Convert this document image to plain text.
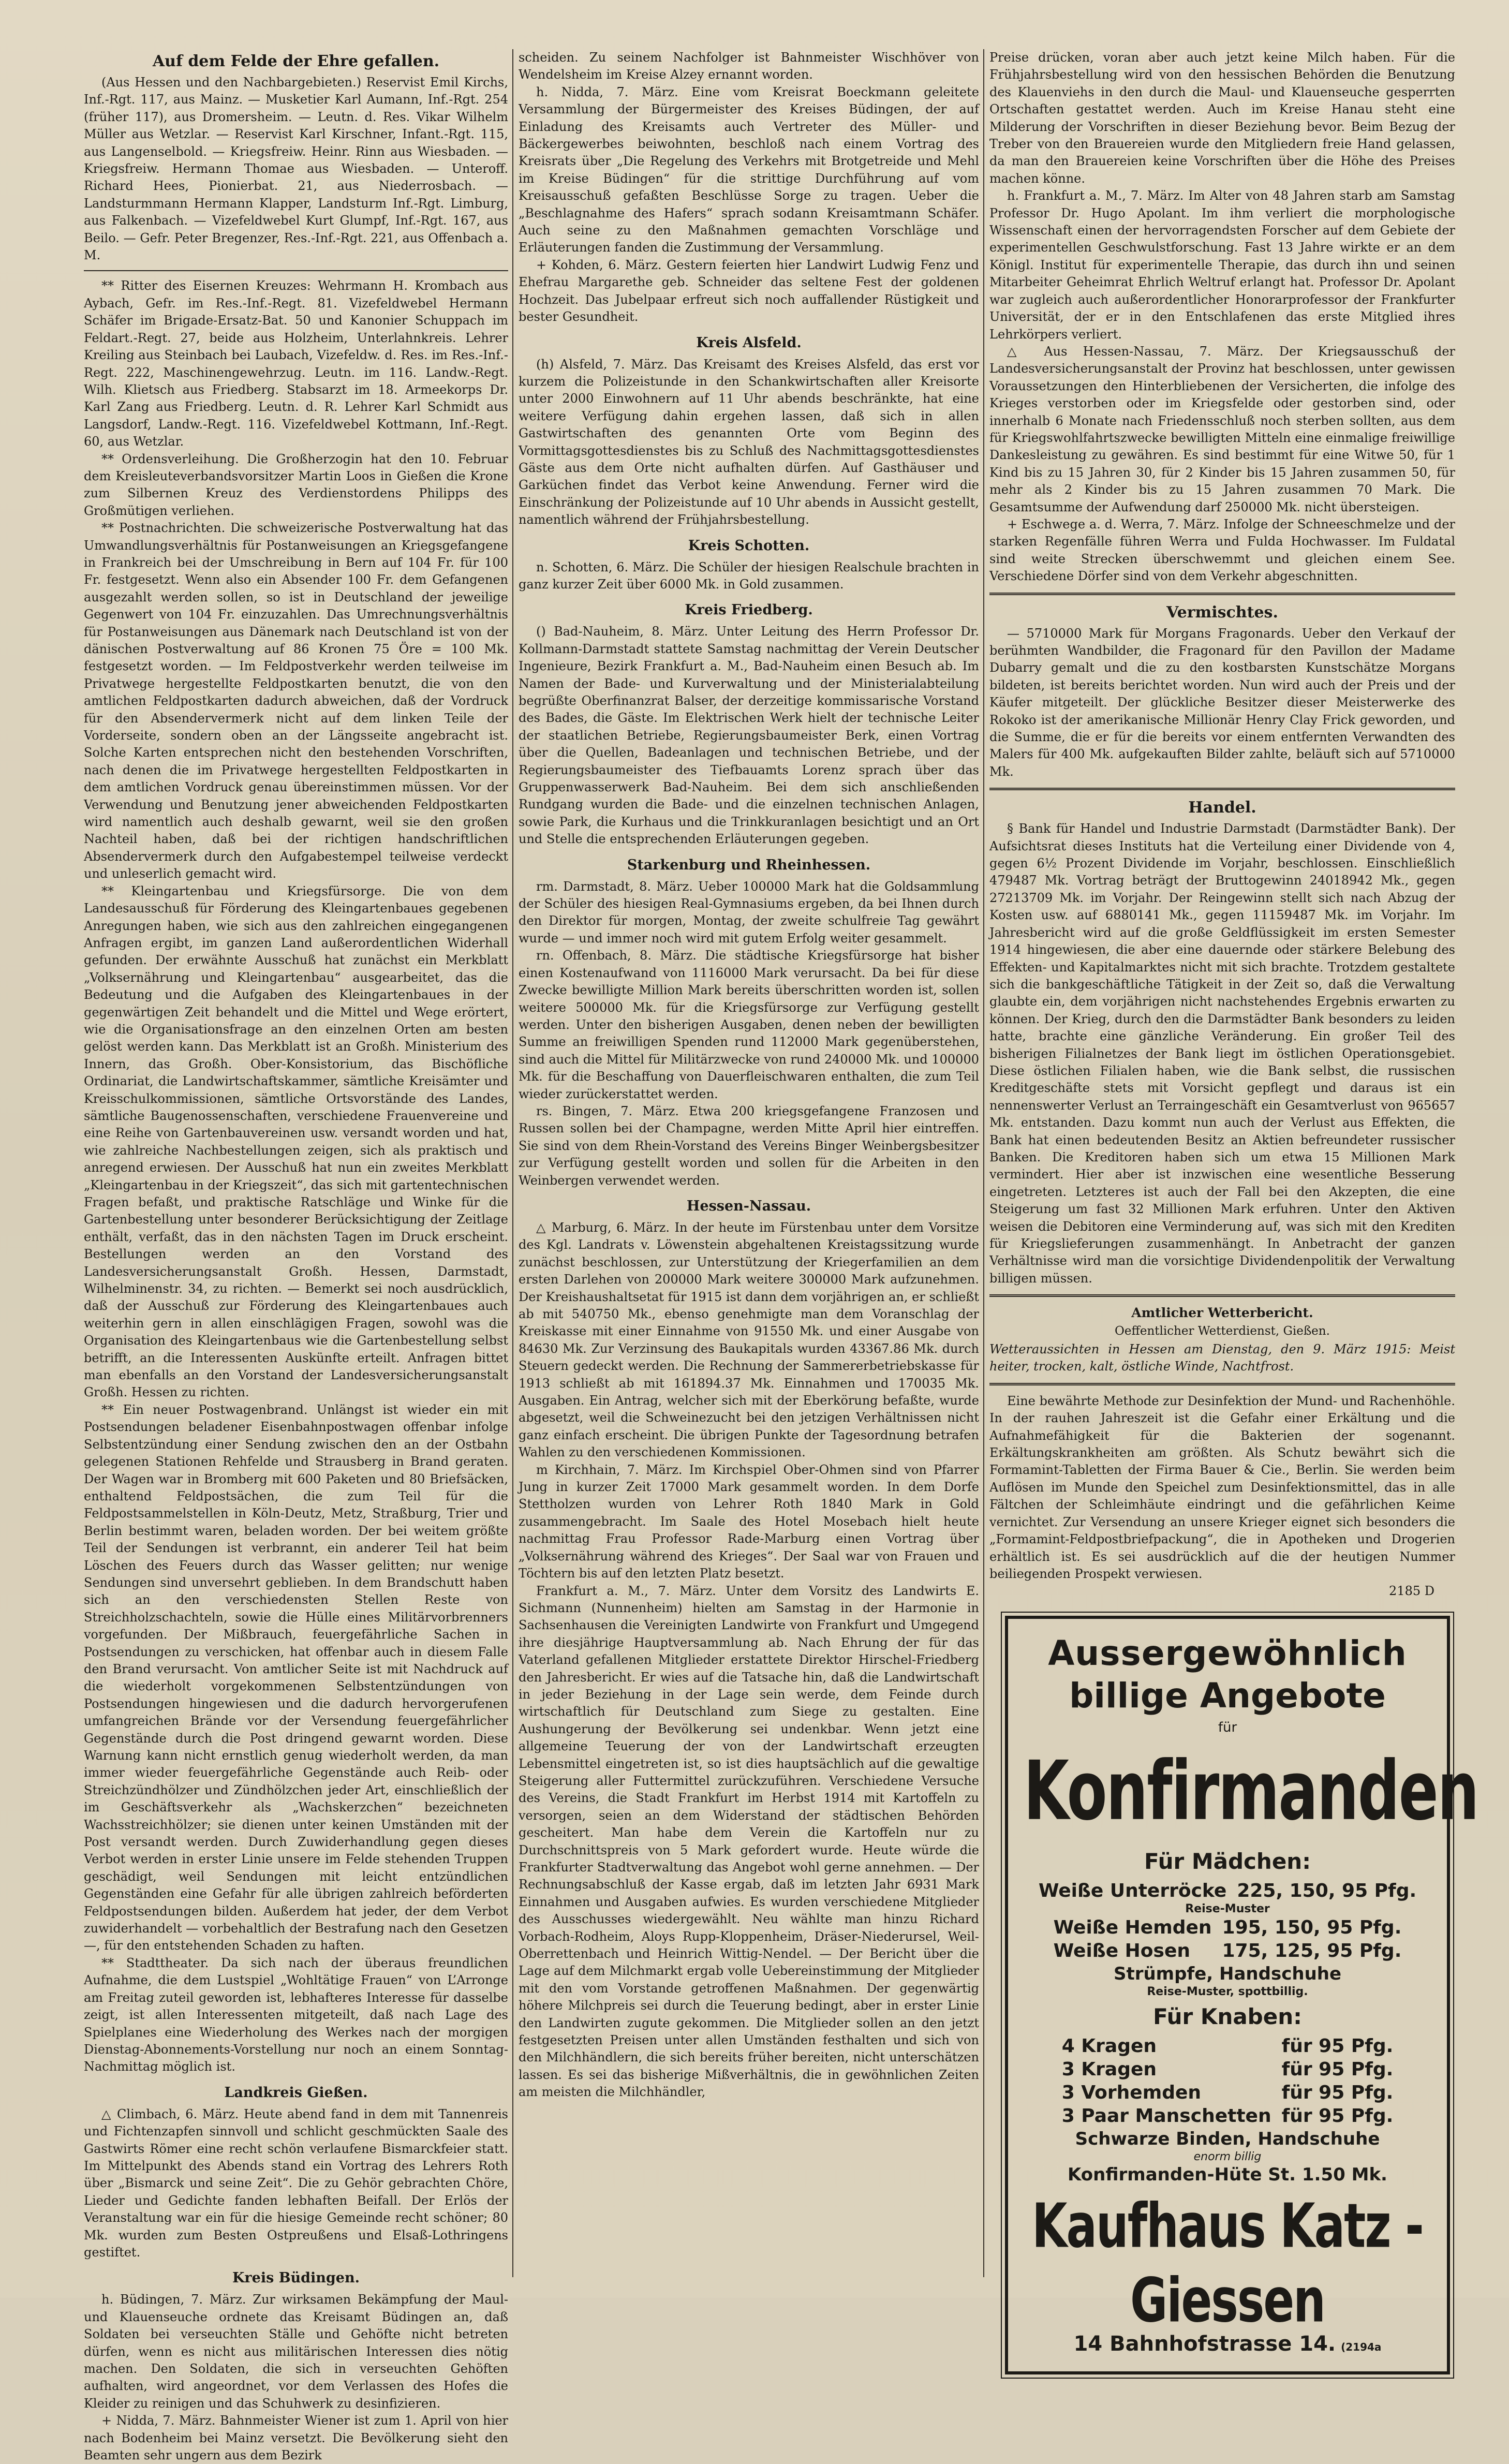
Auf dem Felde der Ehre gefallen.

(Aus Hessen und den Nachbargebieten.) Reservist Emil Kirchs, Inf.-Rgt. 117, aus Mainz. — Musketier Karl Aumann, Inf.-Rgt. 254 (früher 117), aus Dromersheim. — Leutn. d. Res. Vikar Wilhelm Müller aus Wetzlar. — Reservist Karl Kirschner, Infant.-Rgt. 115, aus Langenselbold. — Kriegsfreiw. Heinr. Rinn aus Wiesbaden. — Kriegsfreiw. Hermann Thomae aus Wiesbaden. — Unteroff. Richard Hees, Pionierbat. 21, aus Niederrosbach. — Landsturmmann Hermann Klapper, Landsturm Inf.-Rgt. Limburg, aus Falkenbach. — Vizefeldwebel Kurt Glumpf, Inf.-Rgt. 167, aus Beilo. — Gefr. Peter Bregenzer, Res.-Inf.-Rgt. 221, aus Offenbach a. M.

** Ritter des Eisernen Kreuzes: Wehrmann H. Krombach aus Aybach, Gefr. im Res.-Inf.-Regt. 81. Vizefeldwebel Hermann Schäfer im Brigade-Ersatz-Bat. 50 und Kanonier Schuppach im Feldart.-Regt. 27, beide aus Holzheim, Unterlahnkreis. Lehrer Kreiling aus Steinbach bei Laubach, Vizefeldw. d. Res. im Res.-Inf.-Regt. 222, Maschinengewehrzug. Leutn. im 116. Landw.-Regt. Wilh. Klietsch aus Friedberg. Stabsarzt im 18. Armeekorps Dr. Karl Zang aus Friedberg. Leutn. d. R. Lehrer Karl Schmidt aus Langsdorf, Landw.-Regt. 116. Vizefeldwebel Kottmann, Inf.-Regt. 60, aus Wetzlar.

** Ordensverleihung. Die Großherzogin hat den 10. Februar dem Kreisleuteverbandsvorsitzer Martin Loos in Gießen die Krone zum Silbernen Kreuz des Verdienstordens Philipps des Großmütigen verliehen.

** Postnachrichten. Die schweizerische Postverwaltung hat das Umwandlungsverhältnis für Postanweisungen an Kriegsgefangene in Frankreich bei der Umschreibung in Bern auf 104 Fr. für 100 Fr. festgesetzt. Wenn also ein Absender 100 Fr. dem Gefangenen ausgezahlt werden sollen, so ist in Deutschland der jeweilige Gegenwert von 104 Fr. einzuzahlen. Das Umrechnungsverhältnis für Postanweisungen aus Dänemark nach Deutschland ist von der dänischen Postverwaltung auf 86 Kronen 75 Öre = 100 Mk. festgesetzt worden. — Im Feldpostverkehr werden teilweise im Privatwege hergestellte Feldpostkarten benutzt, die von den amtlichen Feldpostkarten dadurch abweichen, daß der Vordruck für den Absendervermerk nicht auf dem linken Teile der Vorderseite, sondern oben an der Längsseite angebracht ist. Solche Karten entsprechen nicht den bestehenden Vorschriften, nach denen die im Privatwege hergestellten Feldpostkarten in dem amtlichen Vordruck genau übereinstimmen müssen. Vor der Verwendung und Benutzung jener abweichenden Feldpostkarten wird namentlich auch deshalb gewarnt, weil sie den großen Nachteil haben, daß bei der richtigen handschriftlichen Absendervermerk durch den Aufgabestempel teilweise verdeckt und unleserlich gemacht wird.

** Kleingartenbau und Kriegsfürsorge. Die von dem Landesausschuß für Förderung des Kleingartenbaues gegebenen Anregungen haben, wie sich aus den zahlreichen eingegangenen Anfragen ergibt, im ganzen Land außerordentlichen Widerhall gefunden. Der erwähnte Ausschuß hat zunächst ein Merkblatt „Volksernährung und Kleingartenbau“ ausgearbeitet, das die Bedeutung und die Aufgaben des Kleingartenbaues in der gegenwärtigen Zeit behandelt und die Mittel und Wege erörtert, wie die Organisationsfrage an den einzelnen Orten am besten gelöst werden kann. Das Merkblatt ist an Großh. Ministerium des Innern, das Großh. Ober-Konsistorium, das Bischöfliche Ordinariat, die Landwirtschaftskammer, sämtliche Kreisämter und Kreisschulkommissionen, sämtliche Ortsvorstände des Landes, sämtliche Baugenossenschaften, verschiedene Frauenvereine und eine Reihe von Gartenbauvereinen usw. versandt worden und hat, wie zahlreiche Nachbestellungen zeigen, sich als praktisch und anregend erwiesen. Der Ausschuß hat nun ein zweites Merkblatt „Kleingartenbau in der Kriegszeit“, das sich mit gartentechnischen Fragen befaßt, und praktische Ratschläge und Winke für die Gartenbestellung unter besonderer Berücksichtigung der Zeitlage enthält, verfaßt, das in den nächsten Tagen im Druck erscheint. Bestellungen werden an den Vorstand des Landesversicherungsanstalt Großh. Hessen, Darmstadt, Wilhelminenstr. 34, zu richten. — Bemerkt sei noch ausdrücklich, daß der Ausschuß zur Förderung des Kleingartenbaues auch weiterhin gern in allen einschlägigen Fragen, sowohl was die Organisation des Kleingartenbaus wie die Gartenbestellung selbst betrifft, an die Interessenten Auskünfte erteilt. Anfragen bittet man ebenfalls an den Vorstand der Landesversicherungsanstalt Großh. Hessen zu richten.

** Ein neuer Postwagenbrand. Unlängst ist wieder ein mit Postsendungen beladener Eisenbahnpostwagen offenbar infolge Selbstentzündung einer Sendung zwischen den an der Ostbahn gelegenen Stationen Rehfelde und Strausberg in Brand geraten. Der Wagen war in Bromberg mit 600 Paketen und 80 Briefsäcken, enthaltend Feldpostsächen, die zum Teil für die Feldpostsammelstellen in Köln-Deutz, Metz, Straßburg, Trier und Berlin bestimmt waren, beladen worden. Der bei weitem größte Teil der Sendungen ist verbrannt, ein anderer Teil hat beim Löschen des Feuers durch das Wasser gelitten; nur wenige Sendungen sind unversehrt geblieben. In dem Brandschutt haben sich an den verschiedensten Stellen Reste von Streichholzschachteln, sowie die Hülle eines Militärvorbrenners vorgefunden. Der Mißbrauch, feuergefährliche Sachen in Postsendungen zu verschicken, hat offenbar auch in diesem Falle den Brand verursacht. Von amtlicher Seite ist mit Nachdruck auf die wiederholt vorgekommenen Selbstentzündungen von Postsendungen hingewiesen und die dadurch hervorgerufenen umfangreichen Brände vor der Versendung feuergefährlicher Gegenstände durch die Post dringend gewarnt worden. Diese Warnung kann nicht ernstlich genug wiederholt werden, da man immer wieder feuergefährliche Gegenstände auch Reib- oder Streichzündhölzer und Zündhölzchen jeder Art, einschließlich der im Geschäftsverkehr als „Wachskerzchen“ bezeichneten Wachsstreichhölzer; sie dienen unter keinen Umständen mit der Post versandt werden. Durch Zuwiderhandlung gegen dieses Verbot werden in erster Linie unsere im Felde stehenden Truppen geschädigt, weil Sendungen mit leicht entzündlichen Gegenständen eine Gefahr für alle übrigen zahlreich beförderten Feldpostsendungen bilden. Außerdem hat jeder, der dem Verbot zuwiderhandelt — vorbehaltlich der Bestrafung nach den Gesetzen —, für den entstehenden Schaden zu haften.

** Stadttheater. Da sich nach der überaus freundlichen Aufnahme, die dem Lustspiel „Wohltätige Frauen“ von L’Arronge am Freitag zuteil geworden ist, lebhafteres Interesse für dasselbe zeigt, ist allen Interessenten mitgeteilt, daß nach Lage des Spielplanes eine Wiederholung des Werkes nach der morgigen Dienstag-Abonnements-Vorstellung nur noch an einem Sonntag-Nachmittag möglich ist.

Landkreis Gießen.

△ Climbach, 6. März. Heute abend fand in dem mit Tannenreis und Fichtenzapfen sinnvoll und schlicht geschmückten Saale des Gastwirts Römer eine recht schön verlaufene Bismarckfeier statt. Im Mittelpunkt des Abends stand ein Vortrag des Lehrers Roth über „Bismarck und seine Zeit“. Die zu Gehör gebrachten Chöre, Lieder und Gedichte fanden lebhaften Beifall. Der Erlös der Veranstaltung war ein für die hiesige Gemeinde recht schöner; 80 Mk. wurden zum Besten Ostpreußens und Elsaß-Lothringens gestiftet.

Kreis Büdingen.

h. Büdingen, 7. März. Zur wirksamen Bekämpfung der Maul- und Klauenseuche ordnete das Kreisamt Büdingen an, daß Soldaten bei verseuchten Ställe und Gehöfte nicht betreten dürfen, wenn es nicht aus militärischen Interessen dies nötig machen. Den Soldaten, die sich in verseuchten Gehöften aufhalten, wird angeordnet, vor dem Verlassen des Hofes die Kleider zu reinigen und das Schuhwerk zu desinfizieren.

+ Nidda, 7. März. Bahnmeister Wiener ist zum 1. April von hier nach Bodenheim bei Mainz versetzt. Die Bevölkerung sieht den Beamten sehr ungern aus dem Bezirk

scheiden. Zu seinem Nachfolger ist Bahnmeister Wischhöver von Wendelsheim im Kreise Alzey ernannt worden.

h. Nidda, 7. März. Eine vom Kreisrat Boeckmann geleitete Versammlung der Bürgermeister des Kreises Büdingen, der auf Einladung des Kreisamts auch Vertreter des Müller- und Bäckergewerbes beiwohnten, beschloß nach einem Vortrag des Kreisrats über „Die Regelung des Verkehrs mit Brotgetreide und Mehl im Kreise Büdingen“ für die strittige Durchführung auf vom Kreisausschuß gefaßten Beschlüsse Sorge zu tragen. Ueber die „Beschlagnahme des Hafers“ sprach sodann Kreisamtmann Schäfer. Auch seine zu den Maßnahmen gemachten Vorschläge und Erläuterungen fanden die Zustimmung der Versammlung.

+ Kohden, 6. März. Gestern feierten hier Landwirt Ludwig Fenz und Ehefrau Margarethe geb. Schneider das seltene Fest der goldenen Hochzeit. Das Jubelpaar erfreut sich noch auffallender Rüstigkeit und bester Gesundheit.

Kreis Alsfeld.

(h) Alsfeld, 7. März. Das Kreisamt des Kreises Alsfeld, das erst vor kurzem die Polizeistunde in den Schankwirtschaften aller Kreisorte unter 2000 Einwohnern auf 11 Uhr abends beschränkte, hat eine weitere Verfügung dahin ergehen lassen, daß sich in allen Gastwirtschaften des genannten Orte vom Beginn des Vormittagsgottesdienstes bis zu Schluß des Nachmittagsgottesdienstes Gäste aus dem Orte nicht aufhalten dürfen. Auf Gasthäuser und Garküchen findet das Verbot keine Anwendung. Ferner wird die Einschränkung der Polizeistunde auf 10 Uhr abends in Aussicht gestellt, namentlich während der Frühjahrsbestellung.

Kreis Schotten.

n. Schotten, 6. März. Die Schüler der hiesigen Realschule brachten in ganz kurzer Zeit über 6000 Mk. in Gold zusammen.

Kreis Friedberg.

() Bad-Nauheim, 8. März. Unter Leitung des Herrn Professor Dr. Kollmann-Darmstadt stattete Samstag nachmittag der Verein Deutscher Ingenieure, Bezirk Frankfurt a. M., Bad-Nauheim einen Besuch ab. Im Namen der Bade- und Kurverwaltung und der Ministerialabteilung begrüßte Oberfinanzrat Balser, der derzeitige kommissarische Vorstand des Bades, die Gäste. Im Elektrischen Werk hielt der technische Leiter der staatlichen Betriebe, Regierungsbaumeister Berk, einen Vortrag über die Quellen, Badeanlagen und technischen Betriebe, und der Regierungsbaumeister des Tiefbauamts Lorenz sprach über das Gruppenwasserwerk Bad-Nauheim. Bei dem sich anschließenden Rundgang wurden die Bade- und die einzelnen technischen Anlagen, sowie Park, die Kurhaus und die Trinkkuranlagen besichtigt und an Ort und Stelle die entsprechenden Erläuterungen gegeben.

Starkenburg und Rheinhessen.

rm. Darmstadt, 8. März. Ueber 100000 Mark hat die Goldsammlung der Schüler des hiesigen Real-Gymnasiums ergeben, da bei Ihnen durch den Direktor für morgen, Montag, der zweite schulfreie Tag gewährt wurde — und immer noch wird mit gutem Erfolg weiter gesammelt.

rn. Offenbach, 8. März. Die städtische Kriegsfürsorge hat bisher einen Kostenaufwand von 1116000 Mark verursacht. Da bei für diese Zwecke bewilligte Million Mark bereits überschritten worden ist, sollen weitere 500000 Mk. für die Kriegsfürsorge zur Verfügung gestellt werden. Unter den bisherigen Ausgaben, denen neben der bewilligten Summe an freiwilligen Spenden rund 112000 Mark gegenüberstehen, sind auch die Mittel für Militärzwecke von rund 240000 Mk. und 100000 Mk. für die Beschaffung von Dauerfleischwaren enthalten, die zum Teil wieder zurückerstattet werden.

rs. Bingen, 7. März. Etwa 200 kriegsgefangene Franzosen und Russen sollen bei der Champagne, werden Mitte April hier eintreffen. Sie sind von dem Rhein-Vorstand des Vereins Binger Weinbergsbesitzer zur Verfügung gestellt worden und sollen für die Arbeiten in den Weinbergen verwendet werden.

Hessen-Nassau.

△ Marburg, 6. März. In der heute im Fürstenbau unter dem Vorsitze des Kgl. Landrats v. Löwenstein abgehaltenen Kreistagssitzung wurde zunächst beschlossen, zur Unterstützung der Kriegerfamilien an dem ersten Darlehen von 200000 Mark weitere 300000 Mark aufzunehmen. Der Kreishaushaltsetat für 1915 ist dann dem vorjährigen an, er schließt ab mit 540750 Mk., ebenso genehmigte man dem Voranschlag der Kreiskasse mit einer Einnahme von 91550 Mk. und einer Ausgabe von 84630 Mk. Zur Verzinsung des Baukapitals wurden 43367.86 Mk. durch Steuern gedeckt werden. Die Rechnung der Sammererbetriebskasse für 1913 schließt ab mit 161894.37 Mk. Einnahmen und 170035 Mk. Ausgaben. Ein Antrag, welcher sich mit der Eberkörung befaßte, wurde abgesetzt, weil die Schweinezucht bei den jetzigen Verhältnissen nicht ganz einfach erscheint. Die übrigen Punkte der Tagesordnung betrafen Wahlen zu den verschiedenen Kommissionen.

m Kirchhain, 7. März. Im Kirchspiel Ober-Ohmen sind von Pfarrer Jung in kurzer Zeit 17000 Mark gesammelt worden. In dem Dorfe Stettholzen wurden von Lehrer Roth 1840 Mark in Gold zusammengebracht. Im Saale des Hotel Mosebach hielt heute nachmittag Frau Professor Rade-Marburg einen Vortrag über „Volksernährung während des Krieges“. Der Saal war von Frauen und Töchtern bis auf den letzten Platz besetzt.

Frankfurt a. M., 7. März. Unter dem Vorsitz des Landwirts E. Sichmann (Nunnenheim) hielten am Samstag in der Harmonie in Sachsenhausen die Vereinigten Landwirte von Frankfurt und Umgegend ihre diesjährige Hauptversammlung ab. Nach Ehrung der für das Vaterland gefallenen Mitglieder erstattete Direktor Hirschel-Friedberg den Jahresbericht. Er wies auf die Tatsache hin, daß die Landwirtschaft in jeder Beziehung in der Lage sein werde, dem Feinde durch wirtschaftlich für Deutschland zum Siege zu gestalten. Eine Aushungerung der Bevölkerung sei undenkbar. Wenn jetzt eine allgemeine Teuerung der von der Landwirtschaft erzeugten Lebensmittel eingetreten ist, so ist dies hauptsächlich auf die gewaltige Steigerung aller Futtermittel zurückzuführen. Verschiedene Versuche des Vereins, die Stadt Frankfurt im Herbst 1914 mit Kartoffeln zu versorgen, seien an dem Widerstand der städtischen Behörden gescheitert. Man habe dem Verein die Kartoffeln nur zu Durchschnittspreis von 5 Mark gefordert wurde. Heute würde die Frankfurter Stadtverwaltung das Angebot wohl gerne annehmen. — Der Rechnungsabschluß der Kasse ergab, daß im letzten Jahr 6931 Mark Einnahmen und Ausgaben aufwies. Es wurden verschiedene Mitglieder des Ausschusses wiedergewählt. Neu wählte man hinzu Richard Vorbach-Rodheim, Aloys Rupp-Kloppenheim, Dräser-Niederursel, Weil-Oberrettenbach und Heinrich Wittig-Nendel. — Der Bericht über die Lage auf dem Milchmarkt ergab volle Uebereinstimmung der Mitglieder mit den vom Vorstande getroffenen Maßnahmen. Der gegenwärtig höhere Milchpreis sei durch die Teuerung bedingt, aber in erster Linie den Landwirten zugute gekommen. Die Mitglieder sollen an den jetzt festgesetzten Preisen unter allen Umständen festhalten und sich von den Milchhändlern, die sich bereits früher bereiten, nicht unterschätzen lassen. Es sei das bisherige Mißverhältnis, die in gewöhnlichen Zeiten am meisten die Milchhändler,

Preise drücken, voran aber auch jetzt keine Milch haben. Für die Frühjahrsbestellung wird von den hessischen Behörden die Benutzung des Klauenviehs in den durch die Maul- und Klauenseuche gesperrten Ortschaften gestattet werden. Auch im Kreise Hanau steht eine Milderung der Vorschriften in dieser Beziehung bevor. Beim Bezug der Treber von den Brauereien wurde den Mitgliedern freie Hand gelassen, da man den Brauereien keine Vorschriften über die Höhe des Preises machen könne.

h. Frankfurt a. M., 7. März. Im Alter von 48 Jahren starb am Samstag Professor Dr. Hugo Apolant. Im ihm verliert die morphologische Wissenschaft einen der hervorragendsten Forscher auf dem Gebiete der experimentellen Geschwulstforschung. Fast 13 Jahre wirkte er an dem Königl. Institut für experimentelle Therapie, das durch ihn und seinen Mitarbeiter Geheimrat Ehrlich Weltruf erlangt hat. Professor Dr. Apolant war zugleich auch außerordentlicher Honorarprofessor der Frankfurter Universität, der er in den Entschlafenen das erste Mitglied ihres Lehrkörpers verliert.

△ Aus Hessen-Nassau, 7. März. Der Kriegsausschuß der Landesversicherungsanstalt der Provinz hat beschlossen, unter gewissen Voraussetzungen den Hinterbliebenen der Versicherten, die infolge des Krieges verstorben oder im Kriegsfelde oder gestorben sind, oder innerhalb 6 Monate nach Friedensschluß noch sterben sollten, aus dem für Kriegswohlfahrtszwecke bewilligten Mitteln eine einmalige freiwillige Dankesleistung zu gewähren. Es sind bestimmt für eine Witwe 50, für 1 Kind bis zu 15 Jahren 30, für 2 Kinder bis 15 Jahren zusammen 50, für mehr als 2 Kinder bis zu 15 Jahren zusammen 70 Mark. Die Gesamtsumme der Aufwendung darf 250000 Mk. nicht übersteigen.

+ Eschwege a. d. Werra, 7. März. Infolge der Schneeschmelze und der starken Regenfälle führen Werra und Fulda Hochwasser. Im Fuldatal sind weite Strecken überschwemmt und gleichen einem See. Verschiedene Dörfer sind von dem Verkehr abgeschnitten.

Vermischtes.

— 5710000 Mark für Morgans Fragonards. Ueber den Verkauf der berühmten Wandbilder, die Fragonard für den Pavillon der Madame Dubarry gemalt und die zu den kostbarsten Kunstschätze Morgans bildeten, ist bereits berichtet worden. Nun wird auch der Preis und der Käufer mitgeteilt. Der glückliche Besitzer dieser Meisterwerke des Rokoko ist der amerikanische Millionär Henry Clay Frick geworden, und die Summe, die er für die bereits vor einem entfernten Verwandten des Malers für 400 Mk. aufgekauften Bilder zahlte, beläuft sich auf 5710000 Mk.

Handel.

§ Bank für Handel und Industrie Darmstadt (Darmstädter Bank). Der Aufsichtsrat dieses Instituts hat die Verteilung einer Dividende von 4, gegen 6½ Prozent Dividende im Vorjahr, beschlossen. Einschließlich 479487 Mk. Vortrag beträgt der Bruttogewinn 24018942 Mk., gegen 27213709 Mk. im Vorjahr. Der Reingewinn stellt sich nach Abzug der Kosten usw. auf 6880141 Mk., gegen 11159487 Mk. im Vorjahr. Im Jahresbericht wird auf die große Geldflüssigkeit im ersten Semester 1914 hingewiesen, die aber eine dauernde oder stärkere Belebung des Effekten- und Kapitalmarktes nicht mit sich brachte. Trotzdem gestaltete sich die bankgeschäftliche Tätigkeit in der Zeit so, daß die Verwaltung glaubte ein, dem vorjährigen nicht nachstehendes Ergebnis erwarten zu können. Der Krieg, durch den die Darmstädter Bank besonders zu leiden hatte, brachte eine gänzliche Veränderung. Ein großer Teil des bisherigen Filialnetzes der Bank liegt im östlichen Operationsgebiet. Diese östlichen Filialen haben, wie die Bank selbst, die russischen Kreditgeschäfte stets mit Vorsicht gepflegt und daraus ist ein nennenswerter Verlust an Terraingeschäft ein Gesamtverlust von 965657 Mk. entstanden. Dazu kommt nun auch der Verlust aus Effekten, die Bank hat einen bedeutenden Besitz an Aktien befreundeter russischer Banken. Die Kreditoren haben sich um etwa 15 Millionen Mark vermindert. Hier aber ist inzwischen eine wesentliche Besserung eingetreten. Letzteres ist auch der Fall bei den Akzepten, die eine Steigerung um fast 32 Millionen Mark erfuhren. Unter den Aktiven weisen die Debitoren eine Verminderung auf, was sich mit den Krediten für Kriegslieferungen zusammenhängt. In Anbetracht der ganzen Verhältnisse wird man die vorsichtige Dividendenpolitik der Verwaltung billigen müssen.

Amtlicher Wetterbericht.
Oeffentlicher Wetterdienst, Gießen.
Wetteraussichten in Hessen am Dienstag, den 9. März 1915: Meist heiter, trocken, kalt, östliche Winde, Nachtfrost.

Eine bewährte Methode zur Desinfektion der Mund- und Rachenhöhle. In der rauhen Jahreszeit ist die Gefahr einer Erkältung und die Aufnahmefähigkeit für die Bakterien der sogenannt. Erkältungskrankheiten am größten. Als Schutz bewährt sich die Formamint-Tabletten der Firma Bauer & Cie., Berlin. Sie werden beim Auflösen im Munde den Speichel zum Desinfektionsmittel, das in alle Fältchen der Schleimhäute eindringt und die gefährlichen Keime vernichtet. Zur Versendung an unsere Krieger eignet sich besonders die „Formamint-Feldpostbriefpackung“, die in Apotheken und Drogerien erhältlich ist. Es sei ausdrücklich auf die der heutigen Nummer beiliegenden Prospekt verwiesen.

2185 D
Aussergewöhnlich
billige Angebote
für
Konfirmanden
Für Mädchen:
Weiße Unterröcke	225, 150, 95 Pfg.
Reise-Muster
Weiße Hemden	195, 150, 95 Pfg.
Weiße Hosen	175, 125, 95 Pfg.
Strümpfe, Handschuhe
Reise-Muster, spottbillig.
Für Knaben:
4 Kragen	für 95 Pfg.
3 Kragen	für 95 Pfg.
3 Vorhemden	für 95 Pfg.
3 Paar Manschetten	für 95 Pfg.
Schwarze Binden, Handschuhe
enorm billig
Konfirmanden-Hüte St. 1.50 Mk.
Kaufhaus Katz - Giessen
14 Bahnhofstrasse 14. (2194a
